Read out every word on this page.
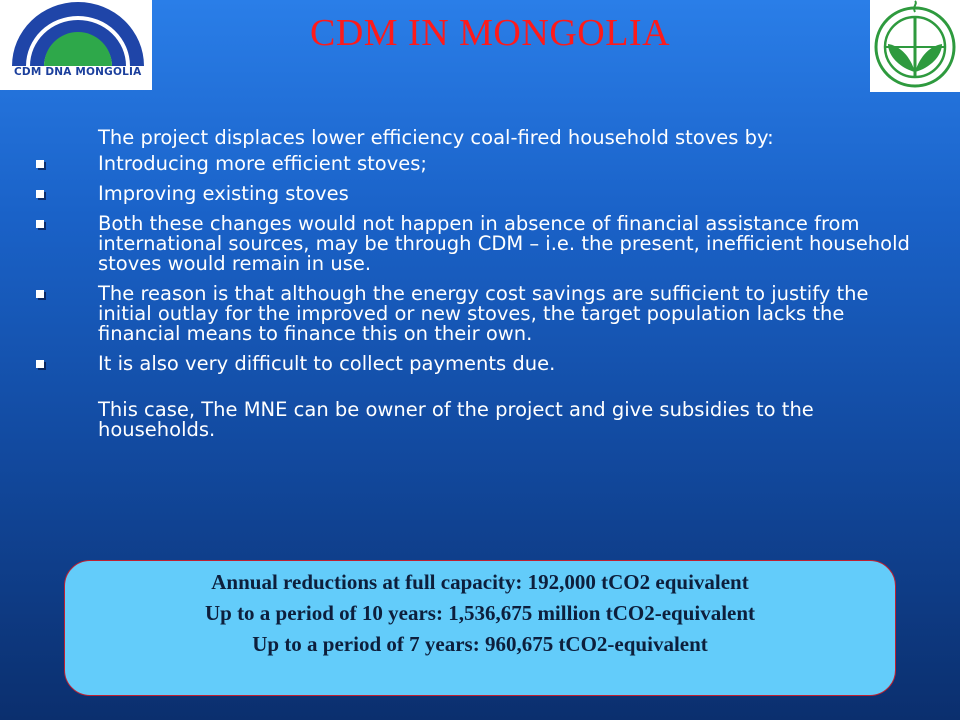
CDM DNA MONGOLIA
CDM IN MONGOLIA
The project displaces lower efficiency coal-fired household stoves by:
Introducing more efficient stoves;
Improving existing stoves
Both these changes would not happen in absence of financial assistance from international sources, may be through CDM – i.e. the present, inefficient household stoves would remain in use.
The reason is that although the energy cost savings are sufficient to justify the initial outlay for the improved or new stoves, the target population lacks the financial means to finance this on their own.
It is also very difficult to collect payments due.
This case, The MNE can be owner of the project and give subsidies to the households.
Annual reductions at full capacity: 192,000 tCO2 equivalent
Up to a period of 10 years: 1,536,675 million tCO2-equivalent
Up to a period of 7 years: 960,675 tCO2-equivalent
